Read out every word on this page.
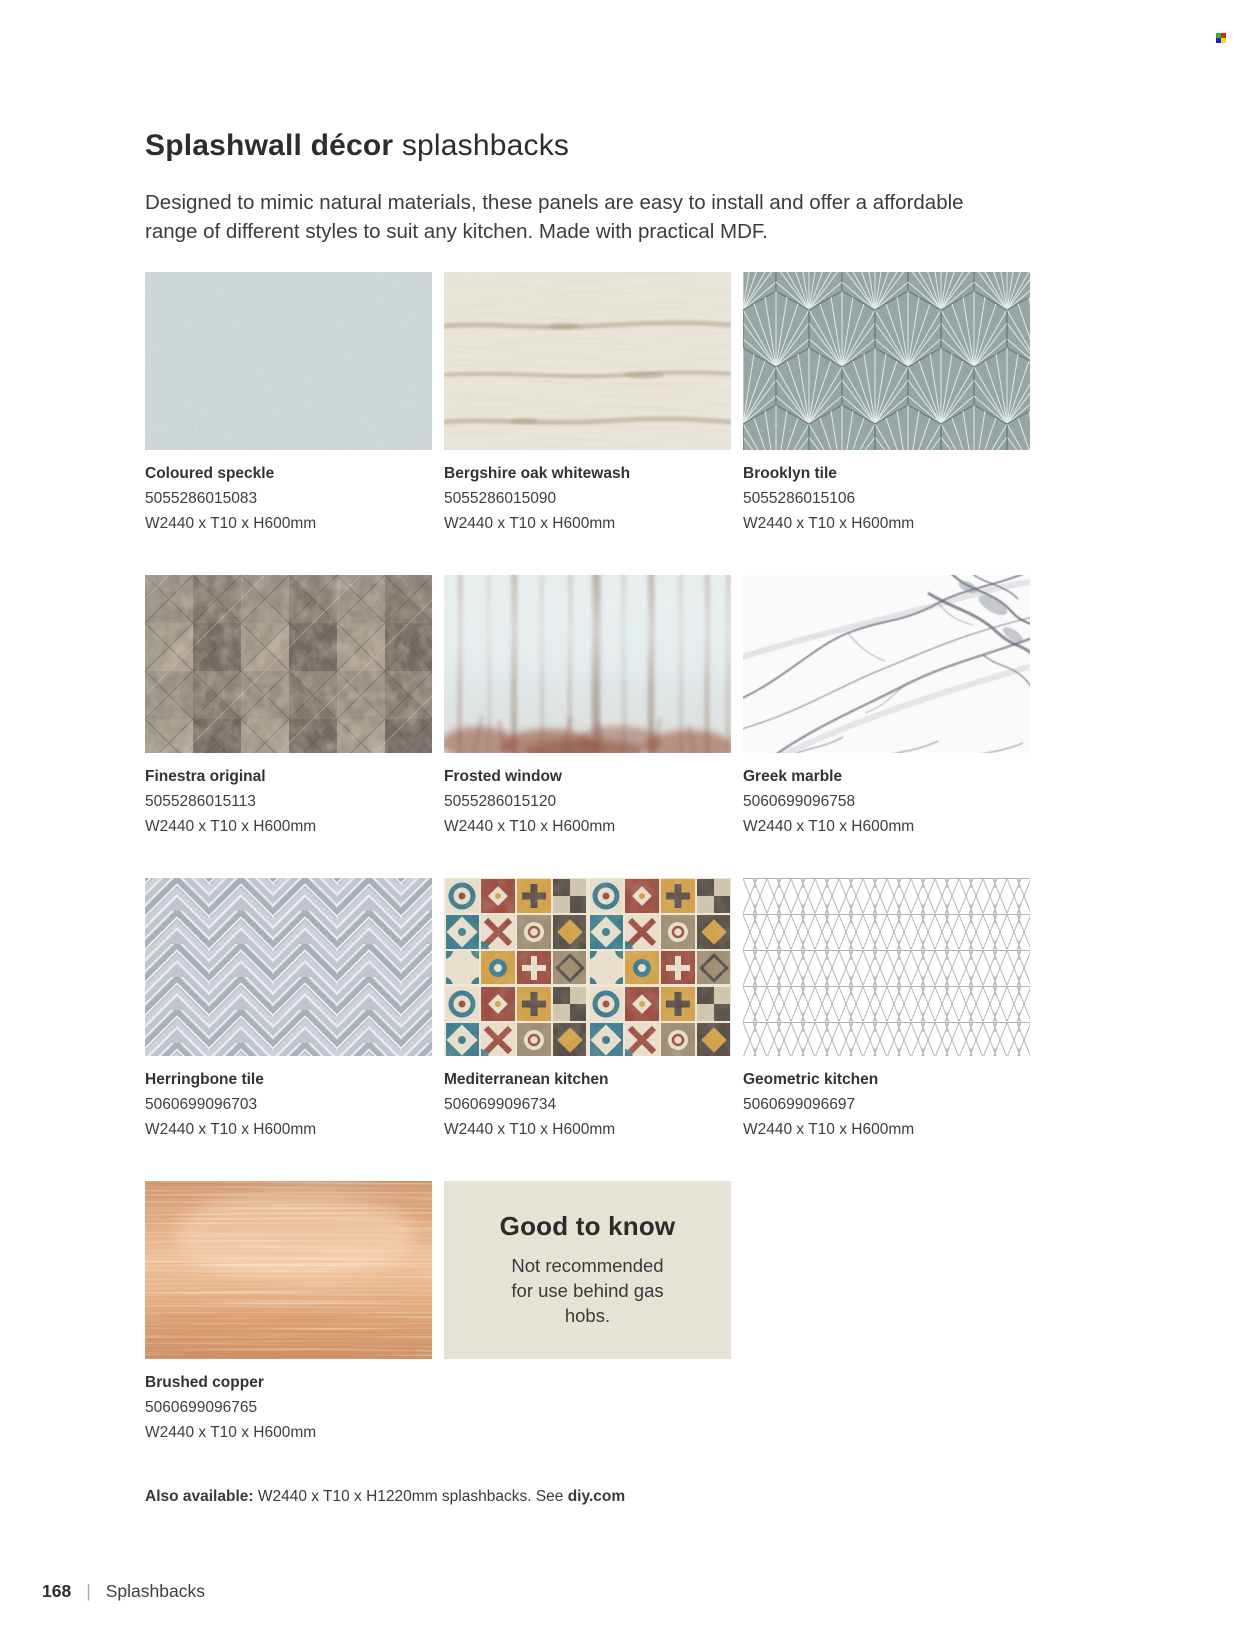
Splashwall décor splashbacks

Designed to mimic natural materials, these panels are easy to install and offer a affordable range of different styles to suit any kitchen. Made with practical MDF.

Coloured speckle
5055286015083
W2440 x T10 x H600mm
Bergshire oak whitewash
5055286015090
W2440 x T10 x H600mm
Brooklyn tile
5055286015106
W2440 x T10 x H600mm
Finestra original
5055286015113
W2440 x T10 x H600mm
Frosted window
5055286015120
W2440 x T10 x H600mm
Greek marble
5060699096758
W2440 x T10 x H600mm
Herringbone tile
5060699096703
W2440 x T10 x H600mm
Mediterranean kitchen
5060699096734
W2440 x T10 x H600mm
Geometric kitchen
5060699096697
W2440 x T10 x H600mm
Brushed copper
5060699096765
W2440 x T10 x H600mm
Good to know

Not recommended for use behind gas hobs.

Also available: W2440 x T10 x H1220mm splashbacks. See diy.com

168 | Splashbacks
